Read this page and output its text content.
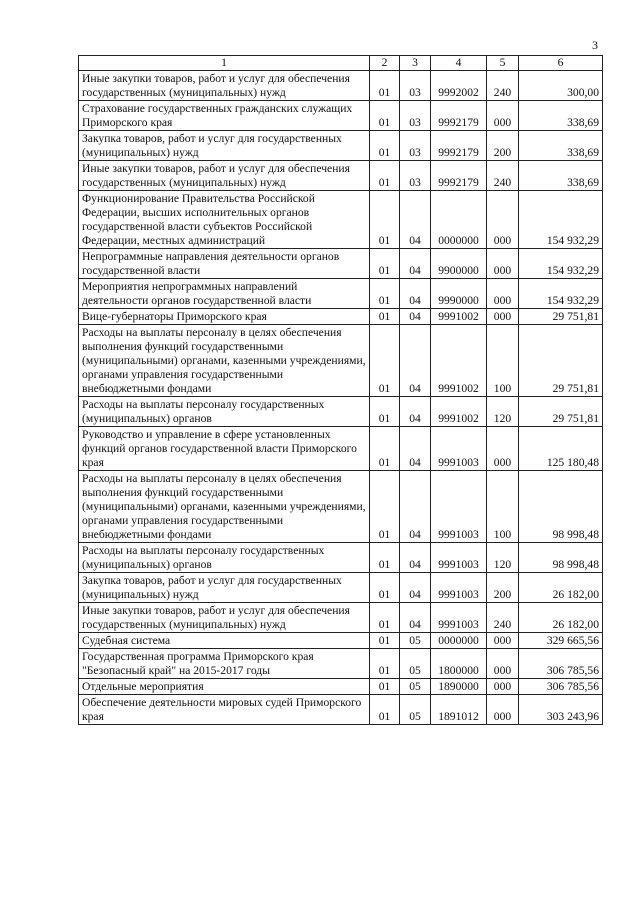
3
1	2	3	4	5	6
Иные закупки товаров, работ и услуг для обеспечения государственных (муниципальных) нужд	01	03	9992002	240	300,00
Страхование государственных гражданских служащих Приморского края	01	03	9992179	000	338,69
Закупка товаров, работ и услуг для государственных (муниципальных) нужд	01	03	9992179	200	338,69
Иные закупки товаров, работ и услуг для обеспечения государственных (муниципальных) нужд	01	03	9992179	240	338,69
Функционирование Правительства Российской Федерации, высших исполнительных органов государственной власти субъектов Российской Федерации, местных администраций	01	04	0000000	000	154 932,29
Непрограммные направления деятельности органов государственной власти	01	04	9900000	000	154 932,29
Мероприятия непрограммных направлений деятельности органов государственной власти	01	04	9990000	000	154 932,29
Вице-губернаторы Приморского края	01	04	9991002	000	29 751,81
Расходы на выплаты персоналу в целях обеспечения выполнения функций государственными (муниципальными) органами, казенными учреждениями, органами управления государственными внебюджетными фондами	01	04	9991002	100	29 751,81
Расходы на выплаты персоналу государственных (муниципальных) органов	01	04	9991002	120	29 751,81
Руководство и управление в сфере установленных функций органов государственной власти Приморского края	01	04	9991003	000	125 180,48
Расходы на выплаты персоналу в целях обеспечения выполнения функций государственными (муниципальными) органами, казенными учреждениями, органами управления государственными внебюджетными фондами	01	04	9991003	100	98 998,48
Расходы на выплаты персоналу государственных (муниципальных) органов	01	04	9991003	120	98 998,48
Закупка товаров, работ и услуг для государственных (муниципальных) нужд	01	04	9991003	200	26 182,00
Иные закупки товаров, работ и услуг для обеспечения государственных (муниципальных) нужд	01	04	9991003	240	26 182,00
Судебная система	01	05	0000000	000	329 665,56
Государственная программа Приморского края "Безопасный край" на 2015-2017 годы	01	05	1800000	000	306 785,56
Отдельные мероприятия	01	05	1890000	000	306 785,56
Обеспечение деятельности мировых судей Приморского края	01	05	1891012	000	303 243,96
